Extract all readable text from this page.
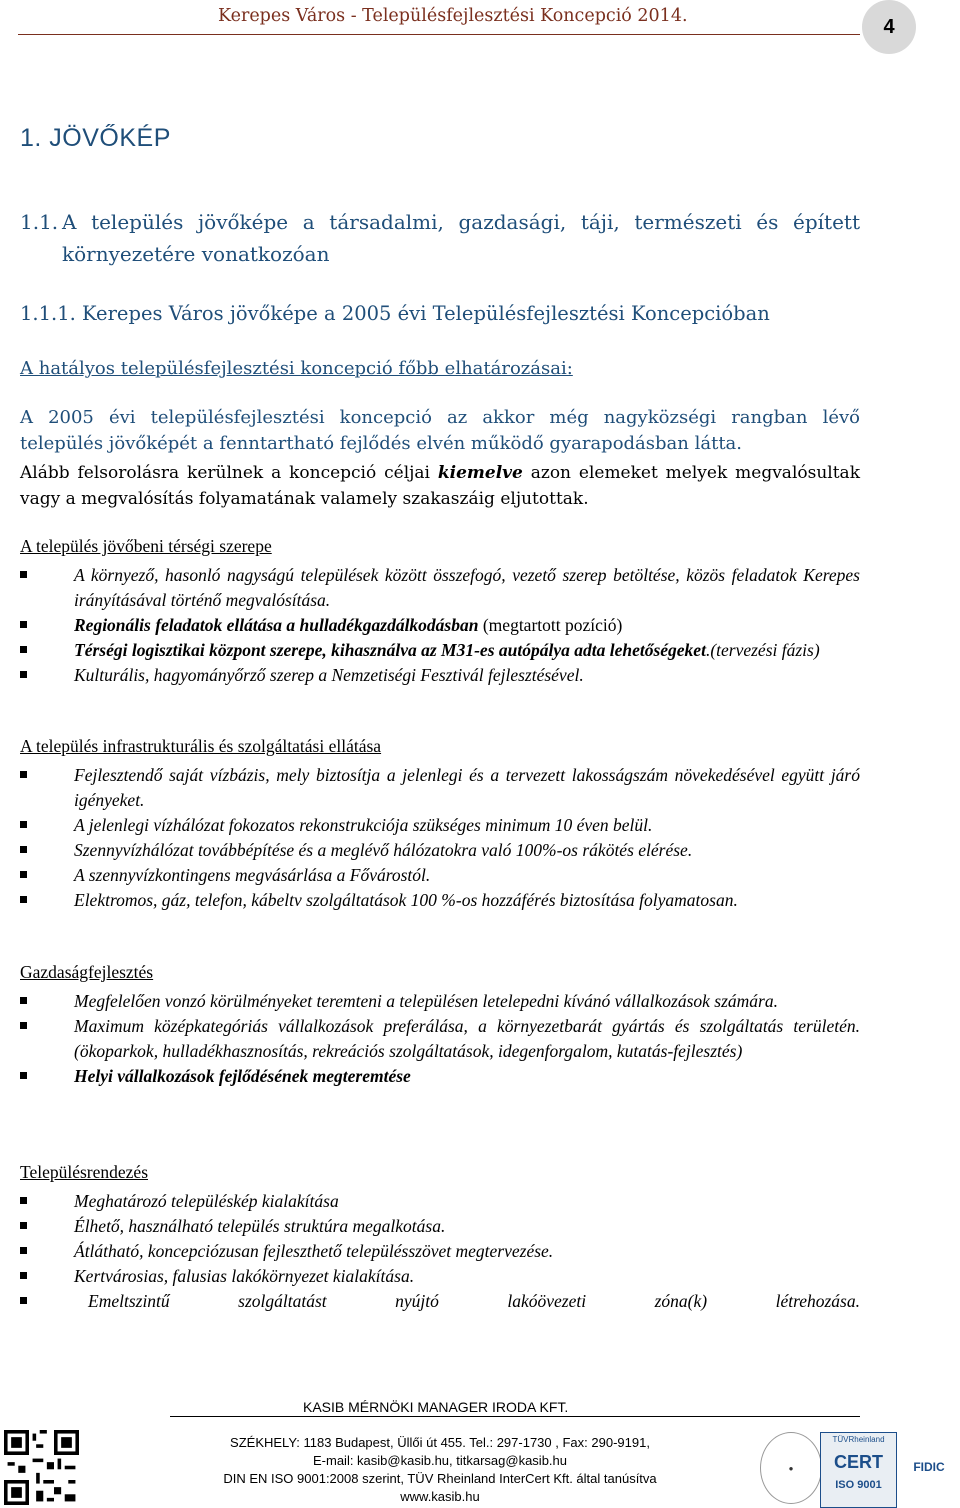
Kerepes Város - Településfejlesztési Koncepció 2014.	4
1. JÖVŐKÉP
1.1. A település jövőképe a társadalmi, gazdasági, táji, természeti és épített
környezetére vonatkozóan
1.1.1. Kerepes Város jövőképe a 2005 évi Településfejlesztési Koncepcióban
A hatályos településfejlesztési koncepció főbb elhatározásai:
A 2005 évi településfejlesztési koncepció az akkor még nagyközségi rangban lévő
település jövőképét a fenntartható fejlődés elvén működő gyarapodásban látta.
Alább felsorolásra kerülnek a koncepció céljai kiemelve azon elemeket melyek megvalósultak vagy a megvalósítás folyamatának valamely szakaszáig eljutottak.
A település jövőbeni térségi szerepe
A környező, hasonló nagyságú települések között összefogó, vezető szerep betöltése, közös feladatok Kerepes irányításával történő megvalósítása.
Regionális feladatok ellátása a hulladékgazdálkodásban (megtartott pozíció)
Térségi logisztikai központ szerepe, kihasználva az M31-es autópálya adta lehetőségeket.(tervezési fázis)
Kulturális, hagyományőrző szerep a Nemzetiségi Fesztivál fejlesztésével.
A település infrastrukturális és szolgáltatási ellátása
Fejlesztendő saját vízbázis, mely biztosítja a jelenlegi és a tervezett lakosságszám növekedésével együtt járó igényeket.
A jelenlegi vízhálózat fokozatos rekonstrukciója szükséges minimum 10 éven belül.
Szennyvízhálózat továbbépítése és a meglévő hálózatokra való 100%-os rákötés elérése.
A szennyvízkontingens megvásárlása a Fővárostól.
Elektromos, gáz, telefon, kábeltv szolgáltatások 100 %-os hozzáférés biztosítása folyamatosan.
Gazdaságfejlesztés
Megfelelően vonzó körülményeket teremteni a településen letelepedni kívánó vállalkozások számára.
Maximum középkategóriás vállalkozások preferálása, a környezetbarát gyártás és szolgáltatás területén. (ökoparkok, hulladékhasznosítás, rekreációs szolgáltatások, idegenforgalom, kutatás-fejlesztés)
Helyi vállalkozások fejlődésének megteremtése
Településrendezés
Meghatározó településkép kialakítása
Élhető, használható település struktúra megalkotása.
Átlátható, koncepciózusan fejleszthető településszövet megtervezése.
Kertvárosias, falusias lakókörnyezet kialakítása.
Emeltszintű szolgáltatást nyújtó lakóövezeti zóna(k) létrehozása.
KASIB MÉRNÖKI MANAGER IRODA KFT.
SZÉKHELY: 1183 Budapest, Üllői út 455. Tel.: 297-1730 , Fax: 290-9191,
E-mail: kasib@kasib.hu, titkarsag@kasib.hu
DIN EN ISO 9001:2008 szerint, TÜV Rheinland InterCert Kft. által tanúsítva
www.kasib.hu
●
TÜVRheinland
CERT
ISO 9001
FIDIC
